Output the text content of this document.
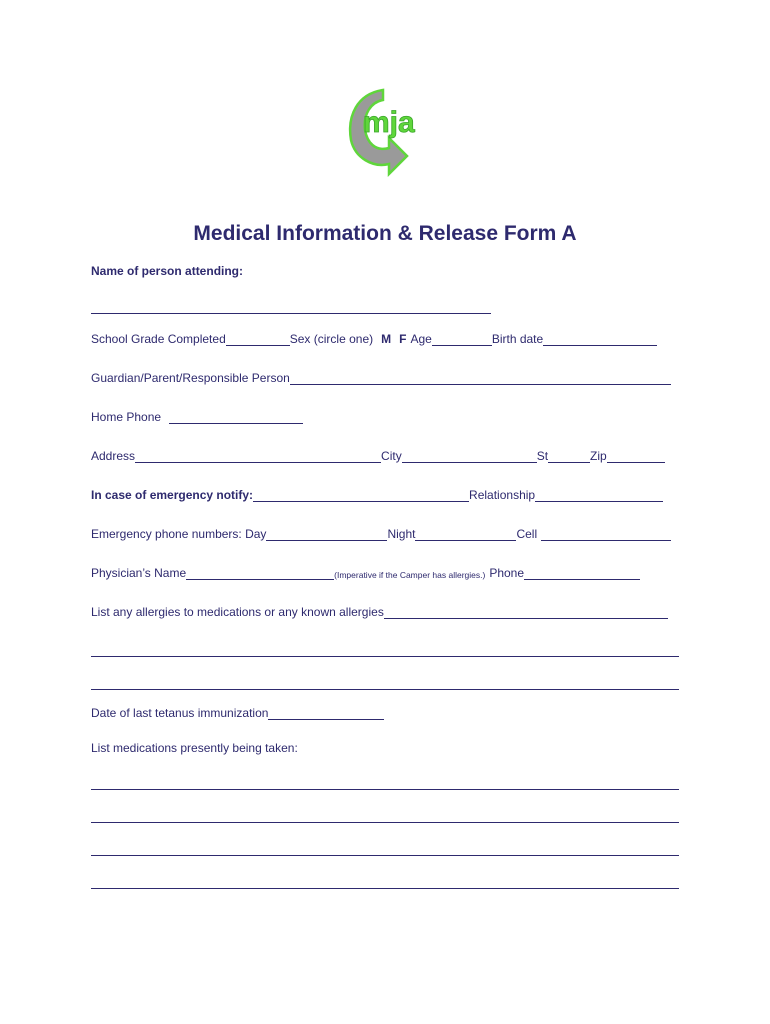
mja
Medical Information & Release Form A
Name of person attending:
School Grade Completed	Sex (circle one) M F Age	Birth date
Guardian/Parent/Responsible Person
Home Phone
Address	City	St	Zip
In case of emergency notify:	Relationship
Emergency phone numbers: Day	Night	Cell
Physician’s Name	(Imperative if the Camper has allergies.) Phone
List any allergies to medications or any known allergies
Date of last tetanus immunization
List medications presently being taken:
